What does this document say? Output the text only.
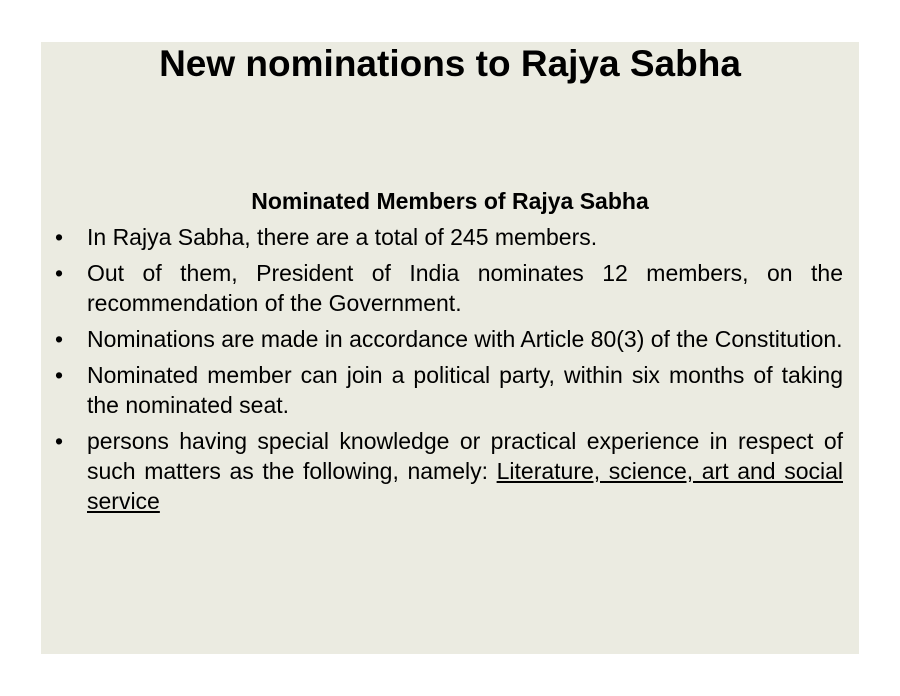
New nominations to Rajya Sabha
Nominated Members of Rajya Sabha
• In Rajya Sabha, there are a total of 245 members.
• Out of them, President of India nominates 12 members, on the recommendation of the Government.
• Nominations are made in accordance with Article 80(3) of the Constitution.
• Nominated member can join a political party, within six months of taking the nominated seat.
• persons having special knowledge or practical experience in respect of such matters as the following, namely: Literature, science, art and social service
